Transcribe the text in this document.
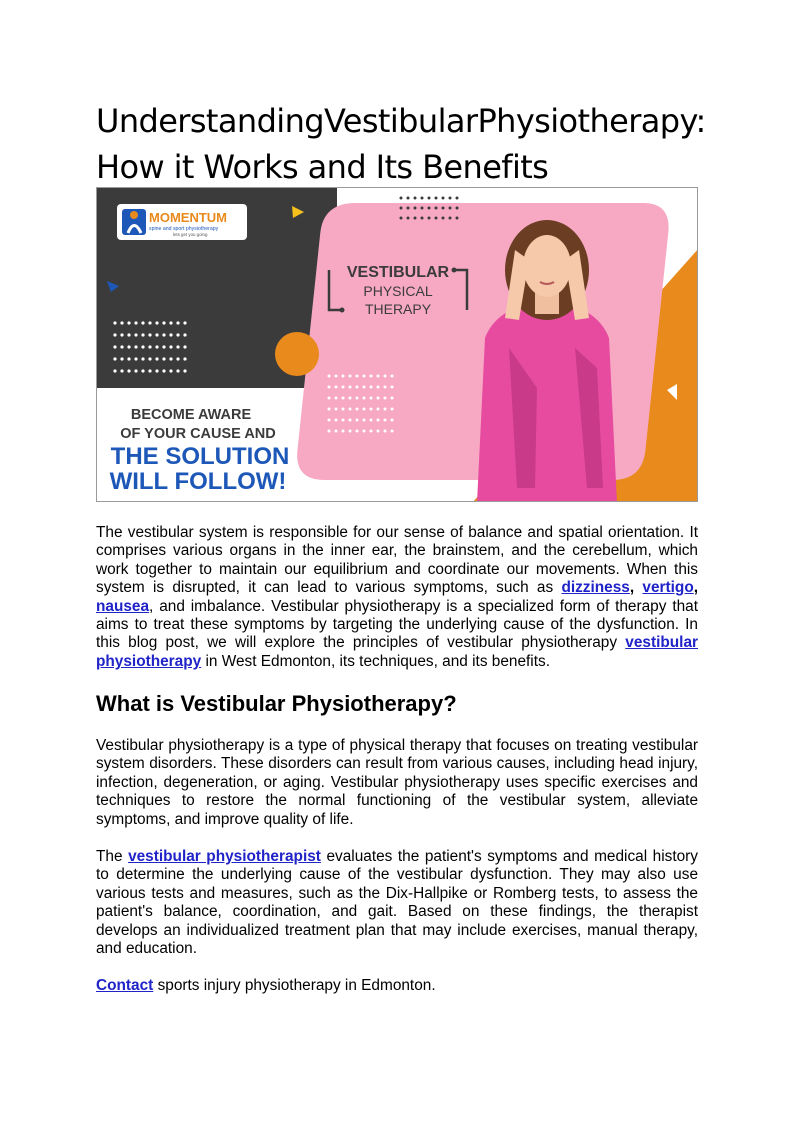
Understanding Vestibular Physiotherapy:
How it Works and Its Benefits
MOMENTUM
spine and sport physiotherapy
lets get you going
VESTIBULAR
PHYSICAL
THERAPY
BECOME AWARE
OF YOUR CAUSE AND
THE SOLUTION
WILL FOLLOW!

The vestibular system is responsible for our sense of balance and spatial orientation. It comprises various organs in the inner ear, the brainstem, and the cerebellum, which work together to maintain our equilibrium and coordinate our movements. When this system is disrupted, it can lead to various symptoms, such as dizziness, vertigo, nausea, and imbalance. Vestibular physiotherapy is a specialized form of therapy that aims to treat these symptoms by targeting the underlying cause of the dysfunction. In this blog post, we will explore the principles of vestibular physiotherapy vestibular physiotherapy in West Edmonton, its techniques, and its benefits.

What is Vestibular Physiotherapy?

Vestibular physiotherapy is a type of physical therapy that focuses on treating vestibular system disorders. These disorders can result from various causes, including head injury, infection, degeneration, or aging. Vestibular physiotherapy uses specific exercises and techniques to restore the normal functioning of the vestibular system, alleviate symptoms, and improve quality of life.

The vestibular physiotherapist evaluates the patient's symptoms and medical history to determine the underlying cause of the vestibular dysfunction. They may also use various tests and measures, such as the Dix-Hallpike or Romberg tests, to assess the patient's balance, coordination, and gait. Based on these findings, the therapist develops an individualized treatment plan that may include exercises, manual therapy, and education.

Contact sports injury physiotherapy in Edmonton.
